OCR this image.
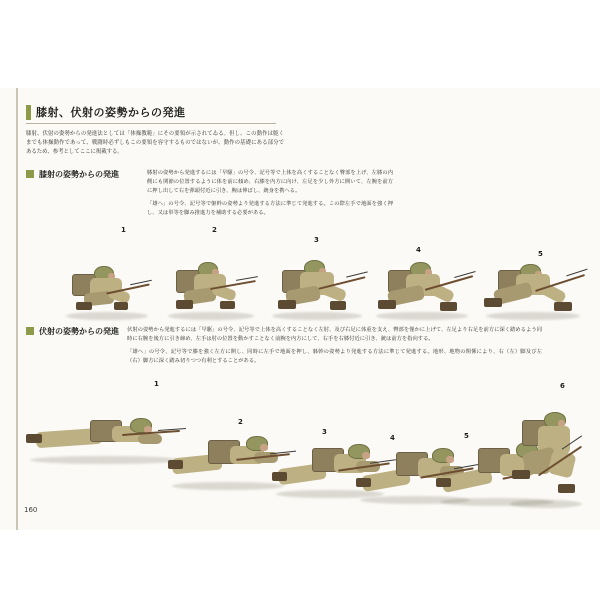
膝射、伏射の姿勢からの発進
膝射、伏射の姿勢からの発進法としては「体操教範」にその要領が示されてゐる。但し、この動作は脆くまでも体操動作であって、戦闘時必ずしもこの要領を容守するものではないが、動作の基礎にある部分であるため、参考としてここに掲載する。
膝射の姿勢からの発進	膝射の姿勢から発進するには「早駆」の号令、記号等で上体を高くすることなく臀部を上げ、左膝の内側にも関節の位置するように体を前に傾め、右膝を内方に向け、左足を少し外方に開いて、左腕を前方に押し出して右を弾頭付近に引き、腕は伸ばし、銃身を携へる。
「雄へ」の号令、記号等で躯幹の姿勢より発進する方法に準じて発進する。この際左手で地面を強く押し、又は単等を脚み推進力を補助する必要がある。
1	2
3
4	5
伏射の姿勢からの発進 伏射の姿勢から発進するには「早駆」の号令、記号等で上体を高くすることなく左肘、及び右足に体重を支え、臀部を僅かに上げて、左足より右足を前方に深く踏めるよう同時に右腕を後方に引き締め、左手は肘の位置を動かすことなく前腕を内方にして、右手を右膝付近に引き、銃は前方を指向する。
「雄へ」の号令、記号等で膝を強く左方に開し、同時に左手で地面を押し、躰幹の姿勢より発進する方法に準じて発進する。地形、地物の関係により、右（左）脚及び左（右）脚方に深く踏み切りつつ有利とすることがある。
1
2
3
4	5
6
160
